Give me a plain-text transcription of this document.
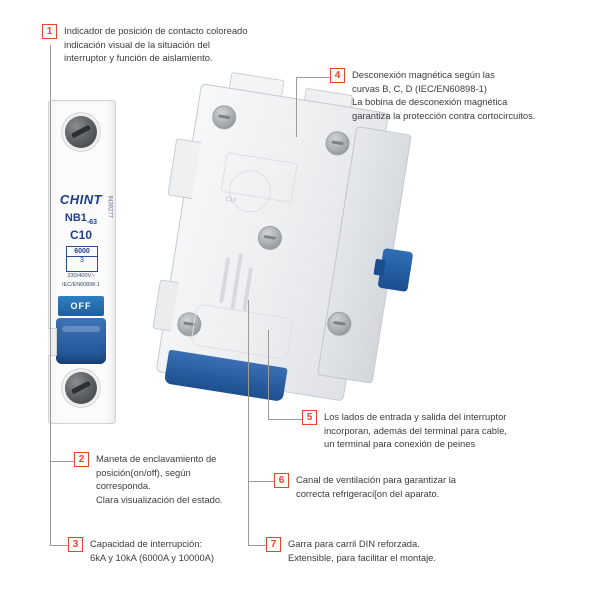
CHINT
$NB1_{-63}$
C10
6000
3
230/400V~
IEC/EN60898-1
IN39277
OFF
C10
1	Indicador de posición de contacto coloreado
indicación visual de la situación del
interruptor y función de aislamiento.
2	Maneta de enclavamiento de
posición(on/off), según
corresponda.
Clara visualización del estado.
3	Capacidad de interrupción:
6kA y 10kA (6000A y 10000A)
4	Desconexión magnética según las
curvas B, C, D (IEC/EN60898-1)
La bobina de desconexión magnética
garantiza la protección contra cortocircuitos.
5	Los lados de entrada y salida del interruptor
incorporan, además del terminal para cable,
un terminal para conexión de peines
6	Canal de ventilación para garantizar la
correcta refrigeraci[on del aparato.
7	Garra para carril DIN reforzada.
Extensible, para facilitar el montaje.
